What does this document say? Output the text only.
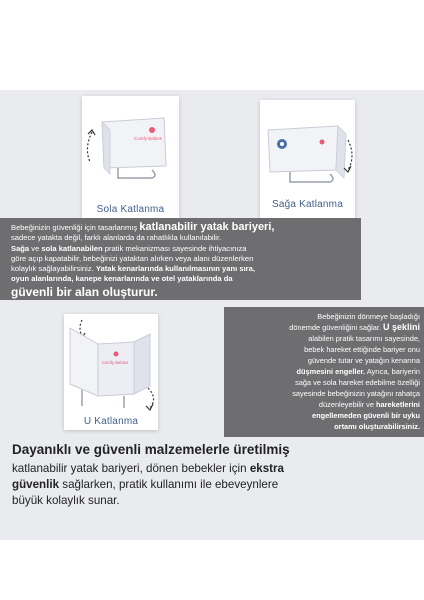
Comfy Babies
Sola Katlanma	Sağa Katlanma
Bebeğinizin güvenliği için tasarlanmış katlanabilir yatak bariyeri,
sadece yatakta değil, farklı alanlarda da rahatlıkla kullanılabilir.
Sağa ve sola katlanabilen pratik mekanizması sayesinde ihtiyacınıza
göre açıp kapatabilir, bebeğinizi yataktan alırken veya alanı düzenlerken
kolaylık sağlayabilirsiniz. Yatak kenarlarında kullanılmasının yanı sıra,
oyun alanlarında, kanepe kenarlarında ve otel yataklarında da
güvenli bir alan oluşturur.
Comfy Babies
U Katlanma
Bebeğinizin dönmeye başladığı
dönemde güvenliğini sağlar. U şeklini
alabilen pratik tasarımı sayesinde,
bebek hareket ettiğinde bariyer onu
güvende tutar ve yatağın kenarına
düşmesini engeller. Ayrıca, bariyerin
sağa ve sola hareket edebilme özelliği
sayesinde bebeğinizin yatağını rahatça
düzenleyebilir ve hareketlerini
engellemeden güvenli bir uyku
ortamı oluşturabilirsiniz.
Dayanıklı ve güvenli malzemelerle üretilmiş
katlanabilir yatak bariyeri, dönen bebekler için ekstra
güvenlik sağlarken, pratik kullanımı ile ebeveynlere
büyük kolaylık sunar.
